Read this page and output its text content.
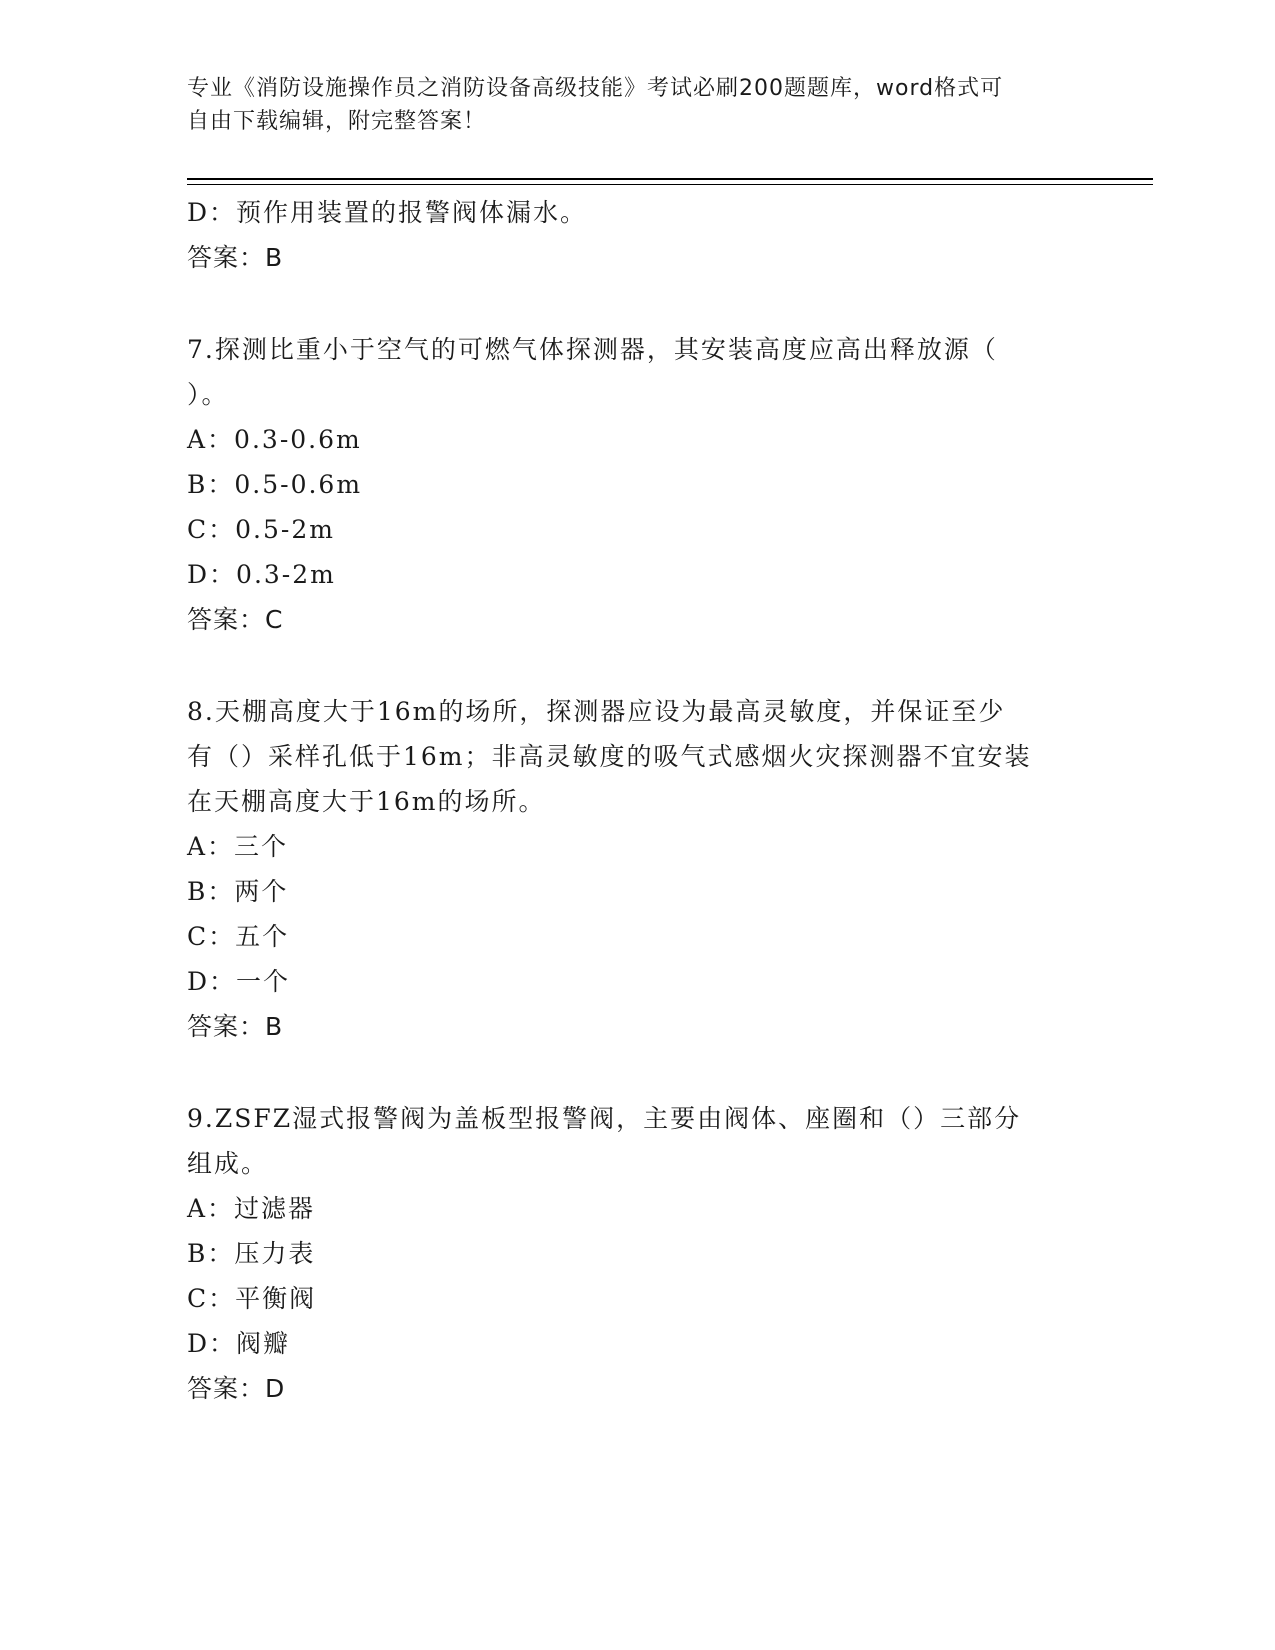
专业《消防设施操作员之消防设备高级技能》考试必刷200题题库，word格式可
自由下载编辑，附完整答案！
D：预作用装置的报警阀体漏水。
答案：B
7.探测比重小于空气的可燃气体探测器，其安装高度应高出释放源（
）。
A：0.3-0.6m
B：0.5-0.6m
C：0.5-2m
D：0.3-2m
答案：C
8.天棚高度大于16m的场所，探测器应设为最高灵敏度，并保证至少
有（）采样孔低于16m；非高灵敏度的吸气式感烟火灾探测器不宜安装
在天棚高度大于16m的场所。
A：三个
B：两个
C：五个
D：一个
答案：B
9.ZSFZ湿式报警阀为盖板型报警阀，主要由阀体、座圈和（）三部分
组成。
A：过滤器
B：压力表
C：平衡阀
D：阀瓣
答案：D
